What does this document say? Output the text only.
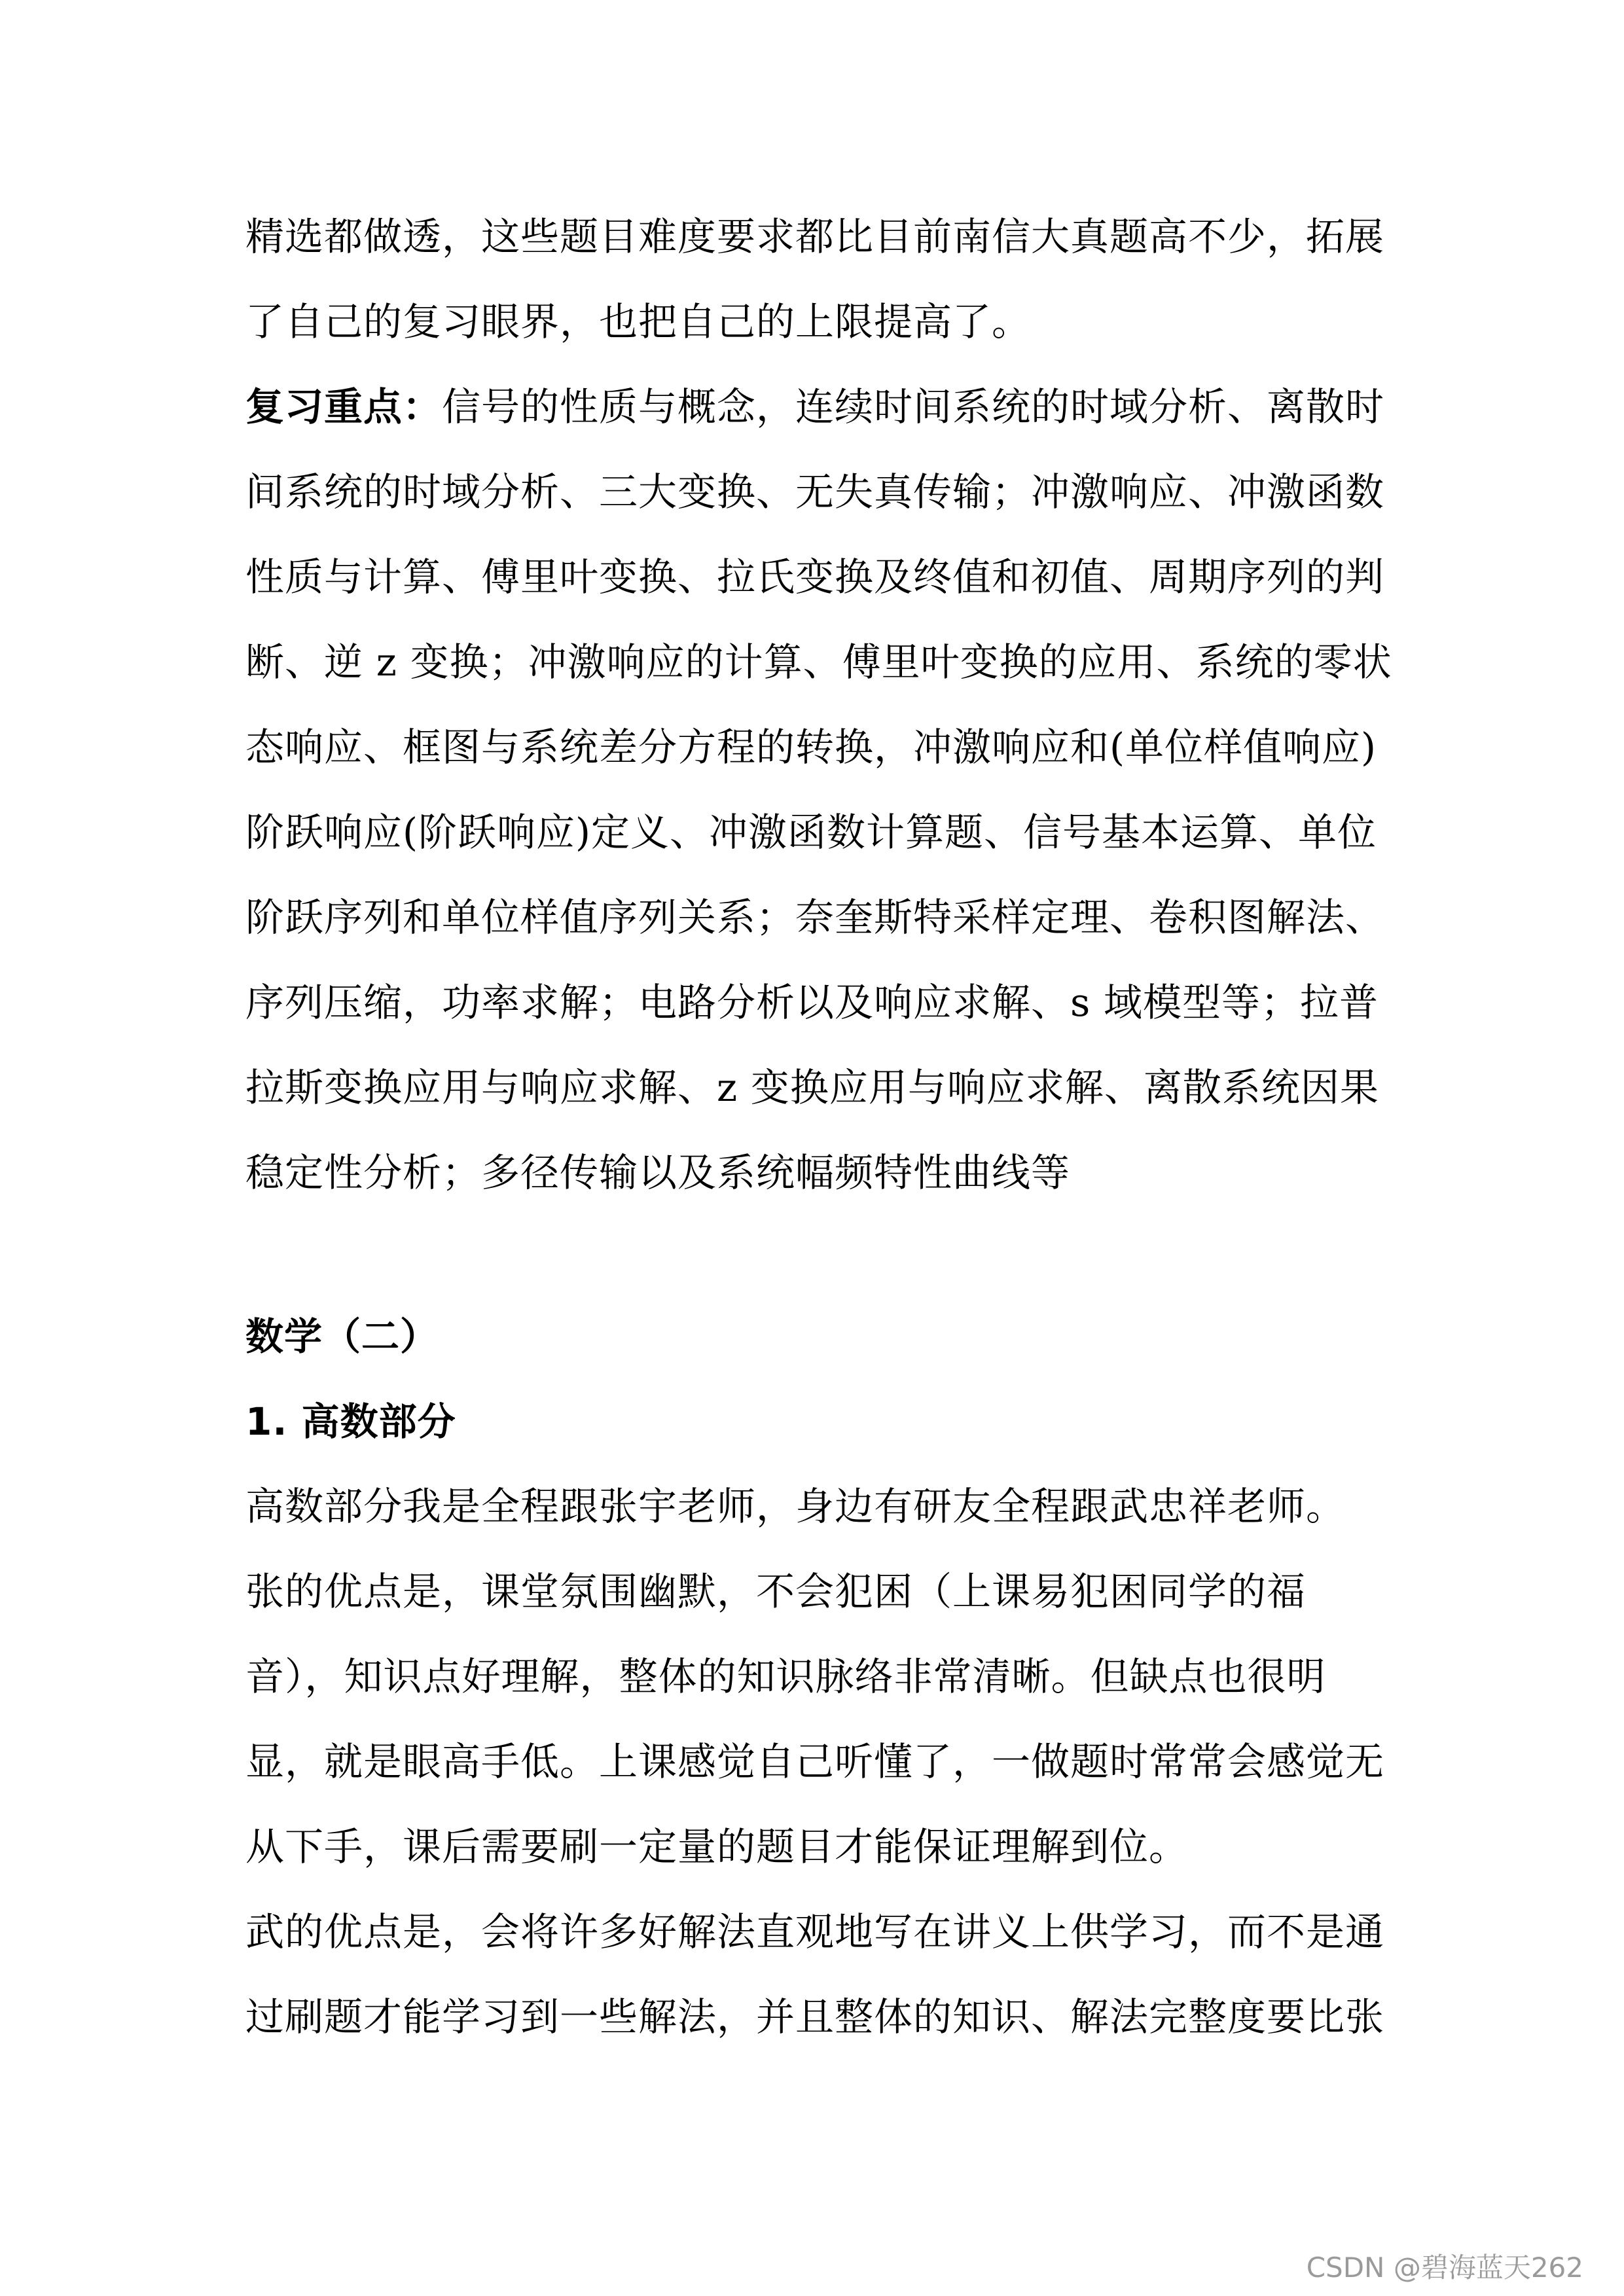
精选都做透，这些题目难度要求都比目前南信大真题高不少，拓展
了自己的复习眼界，也把自己的上限提高了。
复习重点：信号的性质与概念，连续时间系统的时域分析、离散时
间系统的时域分析、三大变换、无失真传输；冲激响应、冲激函数
性质与计算、傅里叶变换、拉氏变换及终值和初值、周期序列的判
断、逆 z 变换；冲激响应的计算、傅里叶变换的应用、系统的零状
态响应、框图与系统差分方程的转换，冲激响应和(单位样值响应)
阶跃响应(阶跃响应)定义、冲激函数计算题、信号基本运算、单位
阶跃序列和单位样值序列关系；奈奎斯特采样定理、卷积图解法、
序列压缩，功率求解；电路分析以及响应求解、s 域模型等；拉普
拉斯变换应用与响应求解、z 变换应用与响应求解、离散系统因果
稳定性分析；多径传输以及系统幅频特性曲线等
数学（二）
1. 高数部分
高数部分我是全程跟张宇老师，身边有研友全程跟武忠祥老师。
张的优点是，课堂氛围幽默，不会犯困（上课易犯困同学的福
音），知识点好理解，整体的知识脉络非常清晰。但缺点也很明
显，就是眼高手低。上课感觉自己听懂了，一做题时常常会感觉无
从下手，课后需要刷一定量的题目才能保证理解到位。
武的优点是，会将许多好解法直观地写在讲义上供学习，而不是通
过刷题才能学习到一些解法，并且整体的知识、解法完整度要比张
CSDN @碧海蓝天262
